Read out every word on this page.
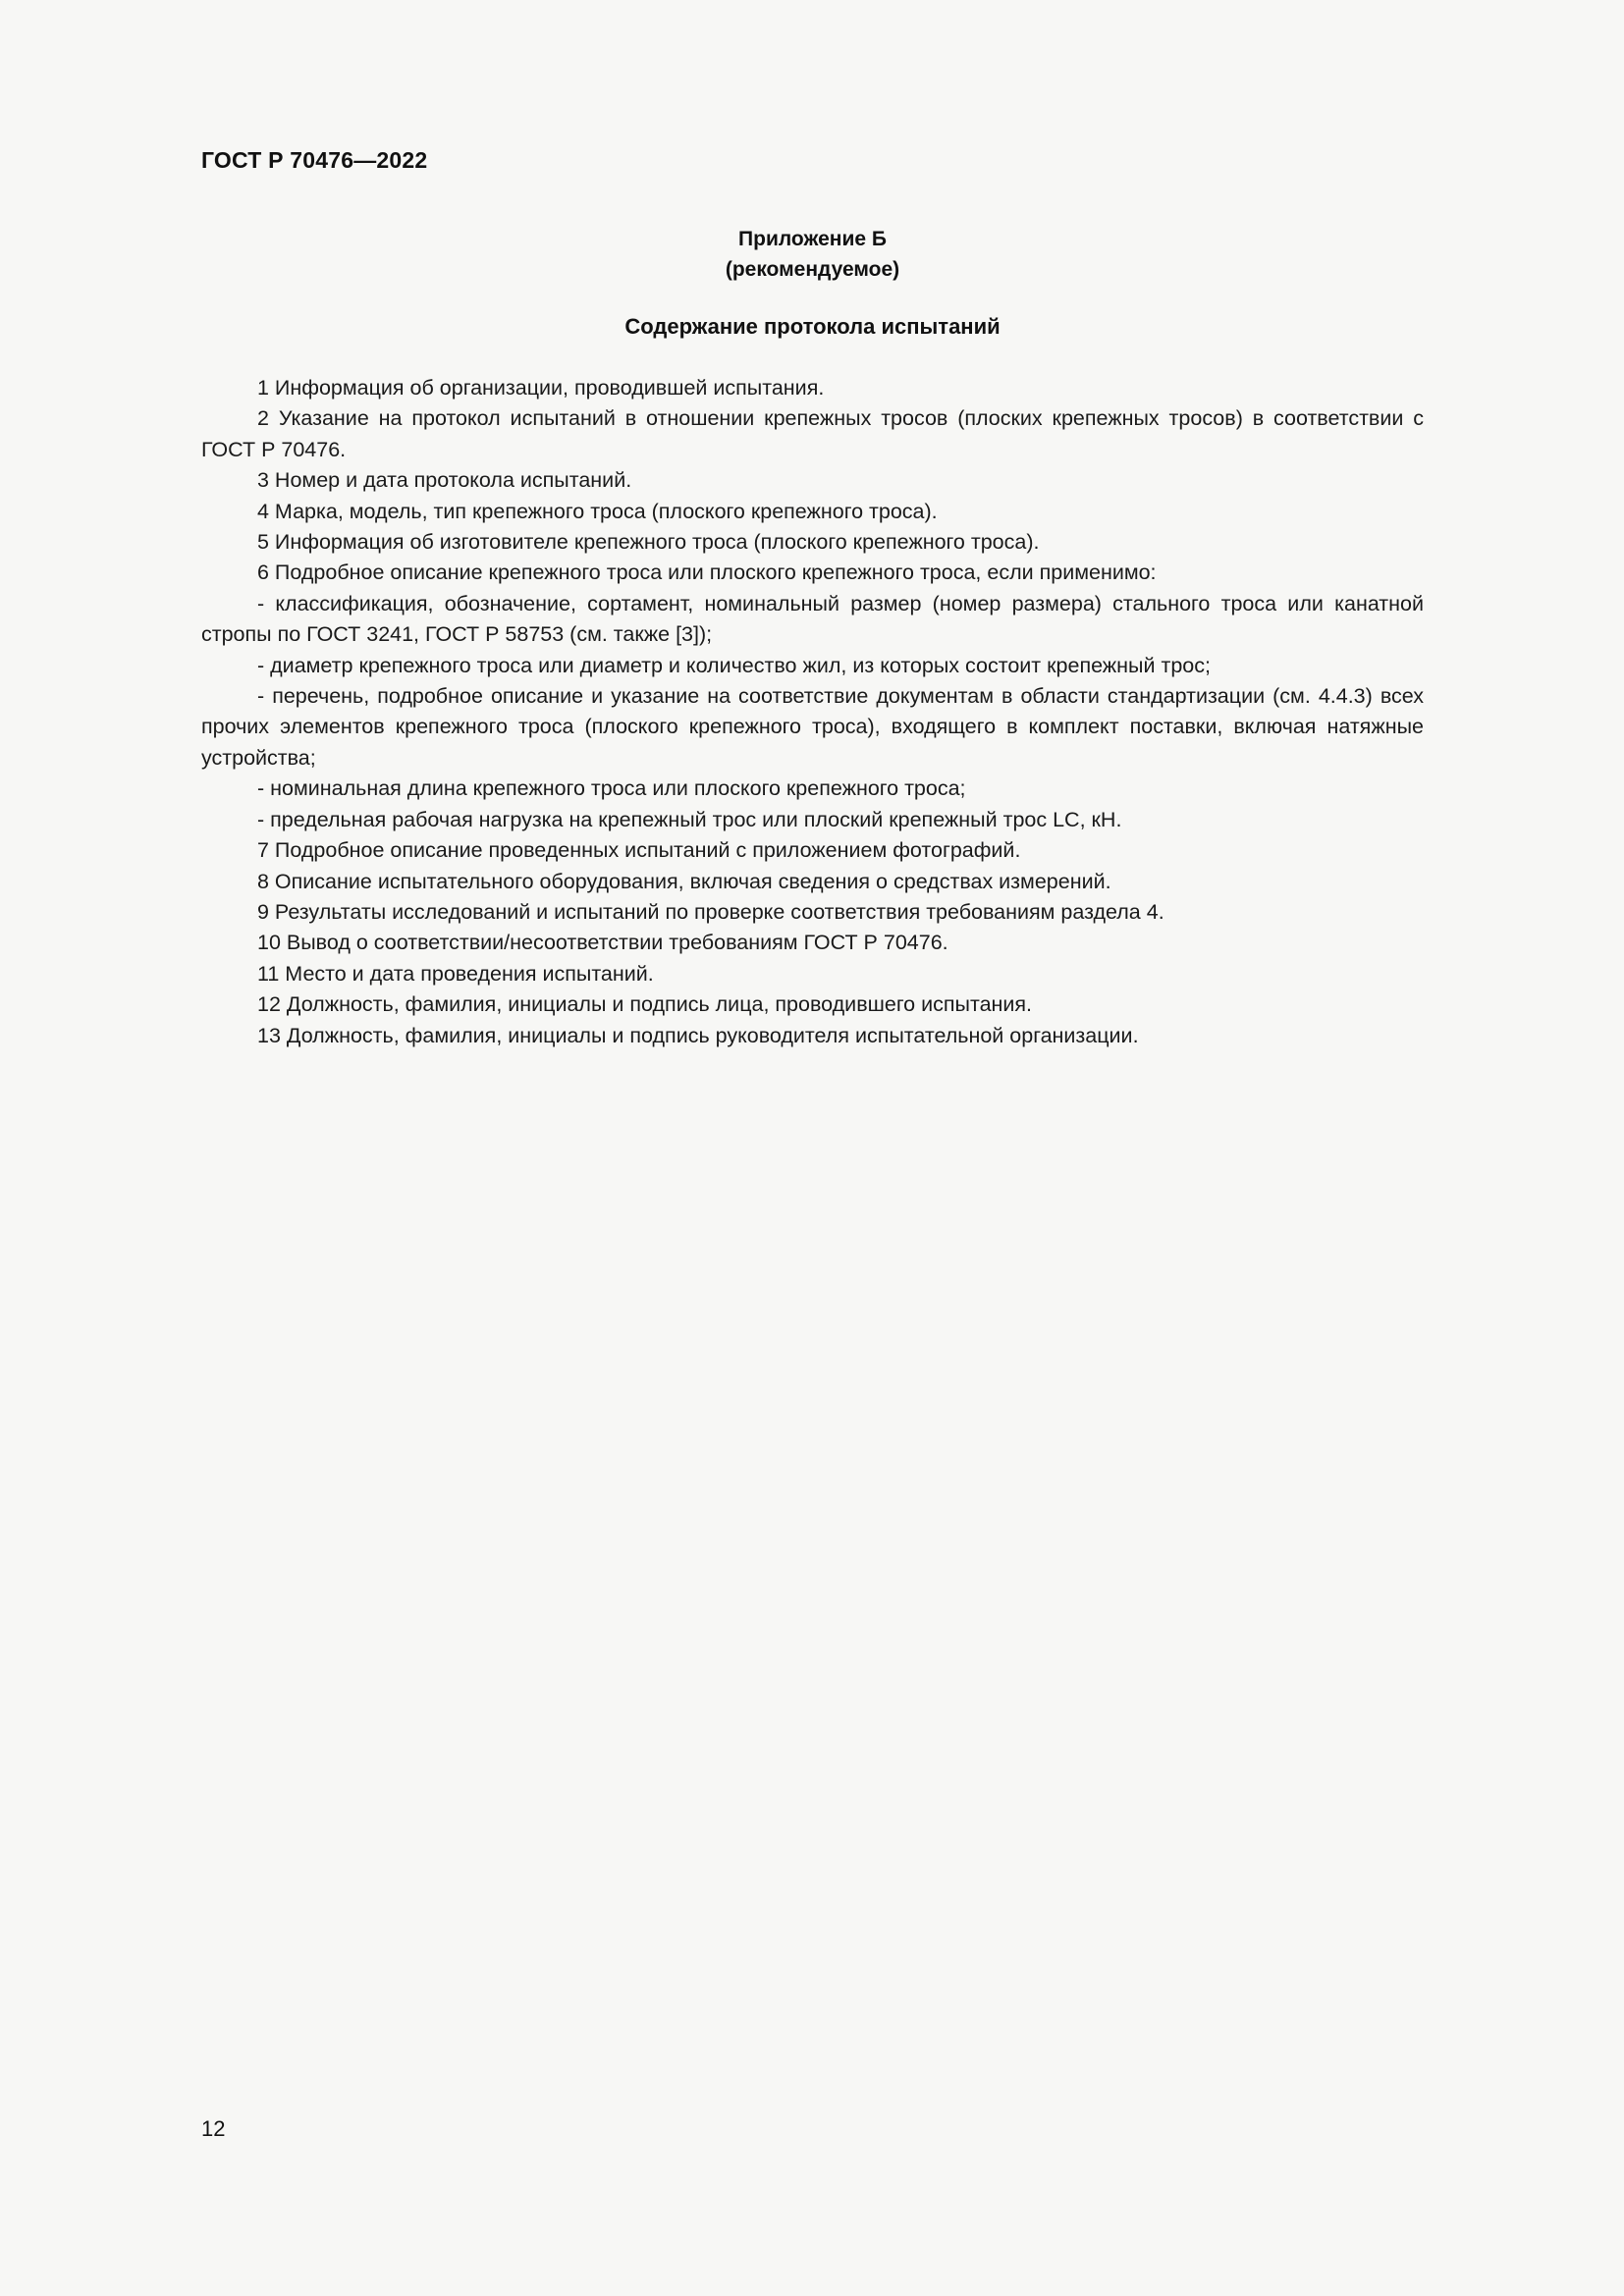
ГОСТ Р 70476—2022
Приложение Б
(рекомендуемое)
Содержание протокола испытаний

1 Информация об организации, проводившей испытания.

2 Указание на протокол испытаний в отношении крепежных тросов (плоских крепежных тросов) в соответствии с ГОСТ Р 70476.

3 Номер и дата протокола испытаний.

4 Марка, модель, тип крепежного троса (плоского крепежного троса).

5 Информация об изготовителе крепежного троса (плоского крепежного троса).

6 Подробное описание крепежного троса или плоского крепежного троса, если применимо:

- классификация, обозначение, сортамент, номинальный размер (номер размера) стального троса или канатной стропы по ГОСТ 3241, ГОСТ Р 58753 (см. также [3]);

- диаметр крепежного троса или диаметр и количество жил, из которых состоит крепежный трос;

- перечень, подробное описание и указание на соответствие документам в области стандартизации (см. 4.4.3) всех прочих элементов крепежного троса (плоского крепежного троса), входящего в комплект поставки, включая натяжные устройства;

- номинальная длина крепежного троса или плоского крепежного троса;

- предельная рабочая нагрузка на крепежный трос или плоский крепежный трос LC, кН.

7 Подробное описание проведенных испытаний с приложением фотографий.

8 Описание испытательного оборудования, включая сведения о средствах измерений.

9 Результаты исследований и испытаний по проверке соответствия требованиям раздела 4.

10 Вывод о соответствии/несоответствии требованиям ГОСТ Р 70476.

11 Место и дата проведения испытаний.

12 Должность, фамилия, инициалы и подпись лица, проводившего испытания.

13 Должность, фамилия, инициалы и подпись руководителя испытательной организации.

12
